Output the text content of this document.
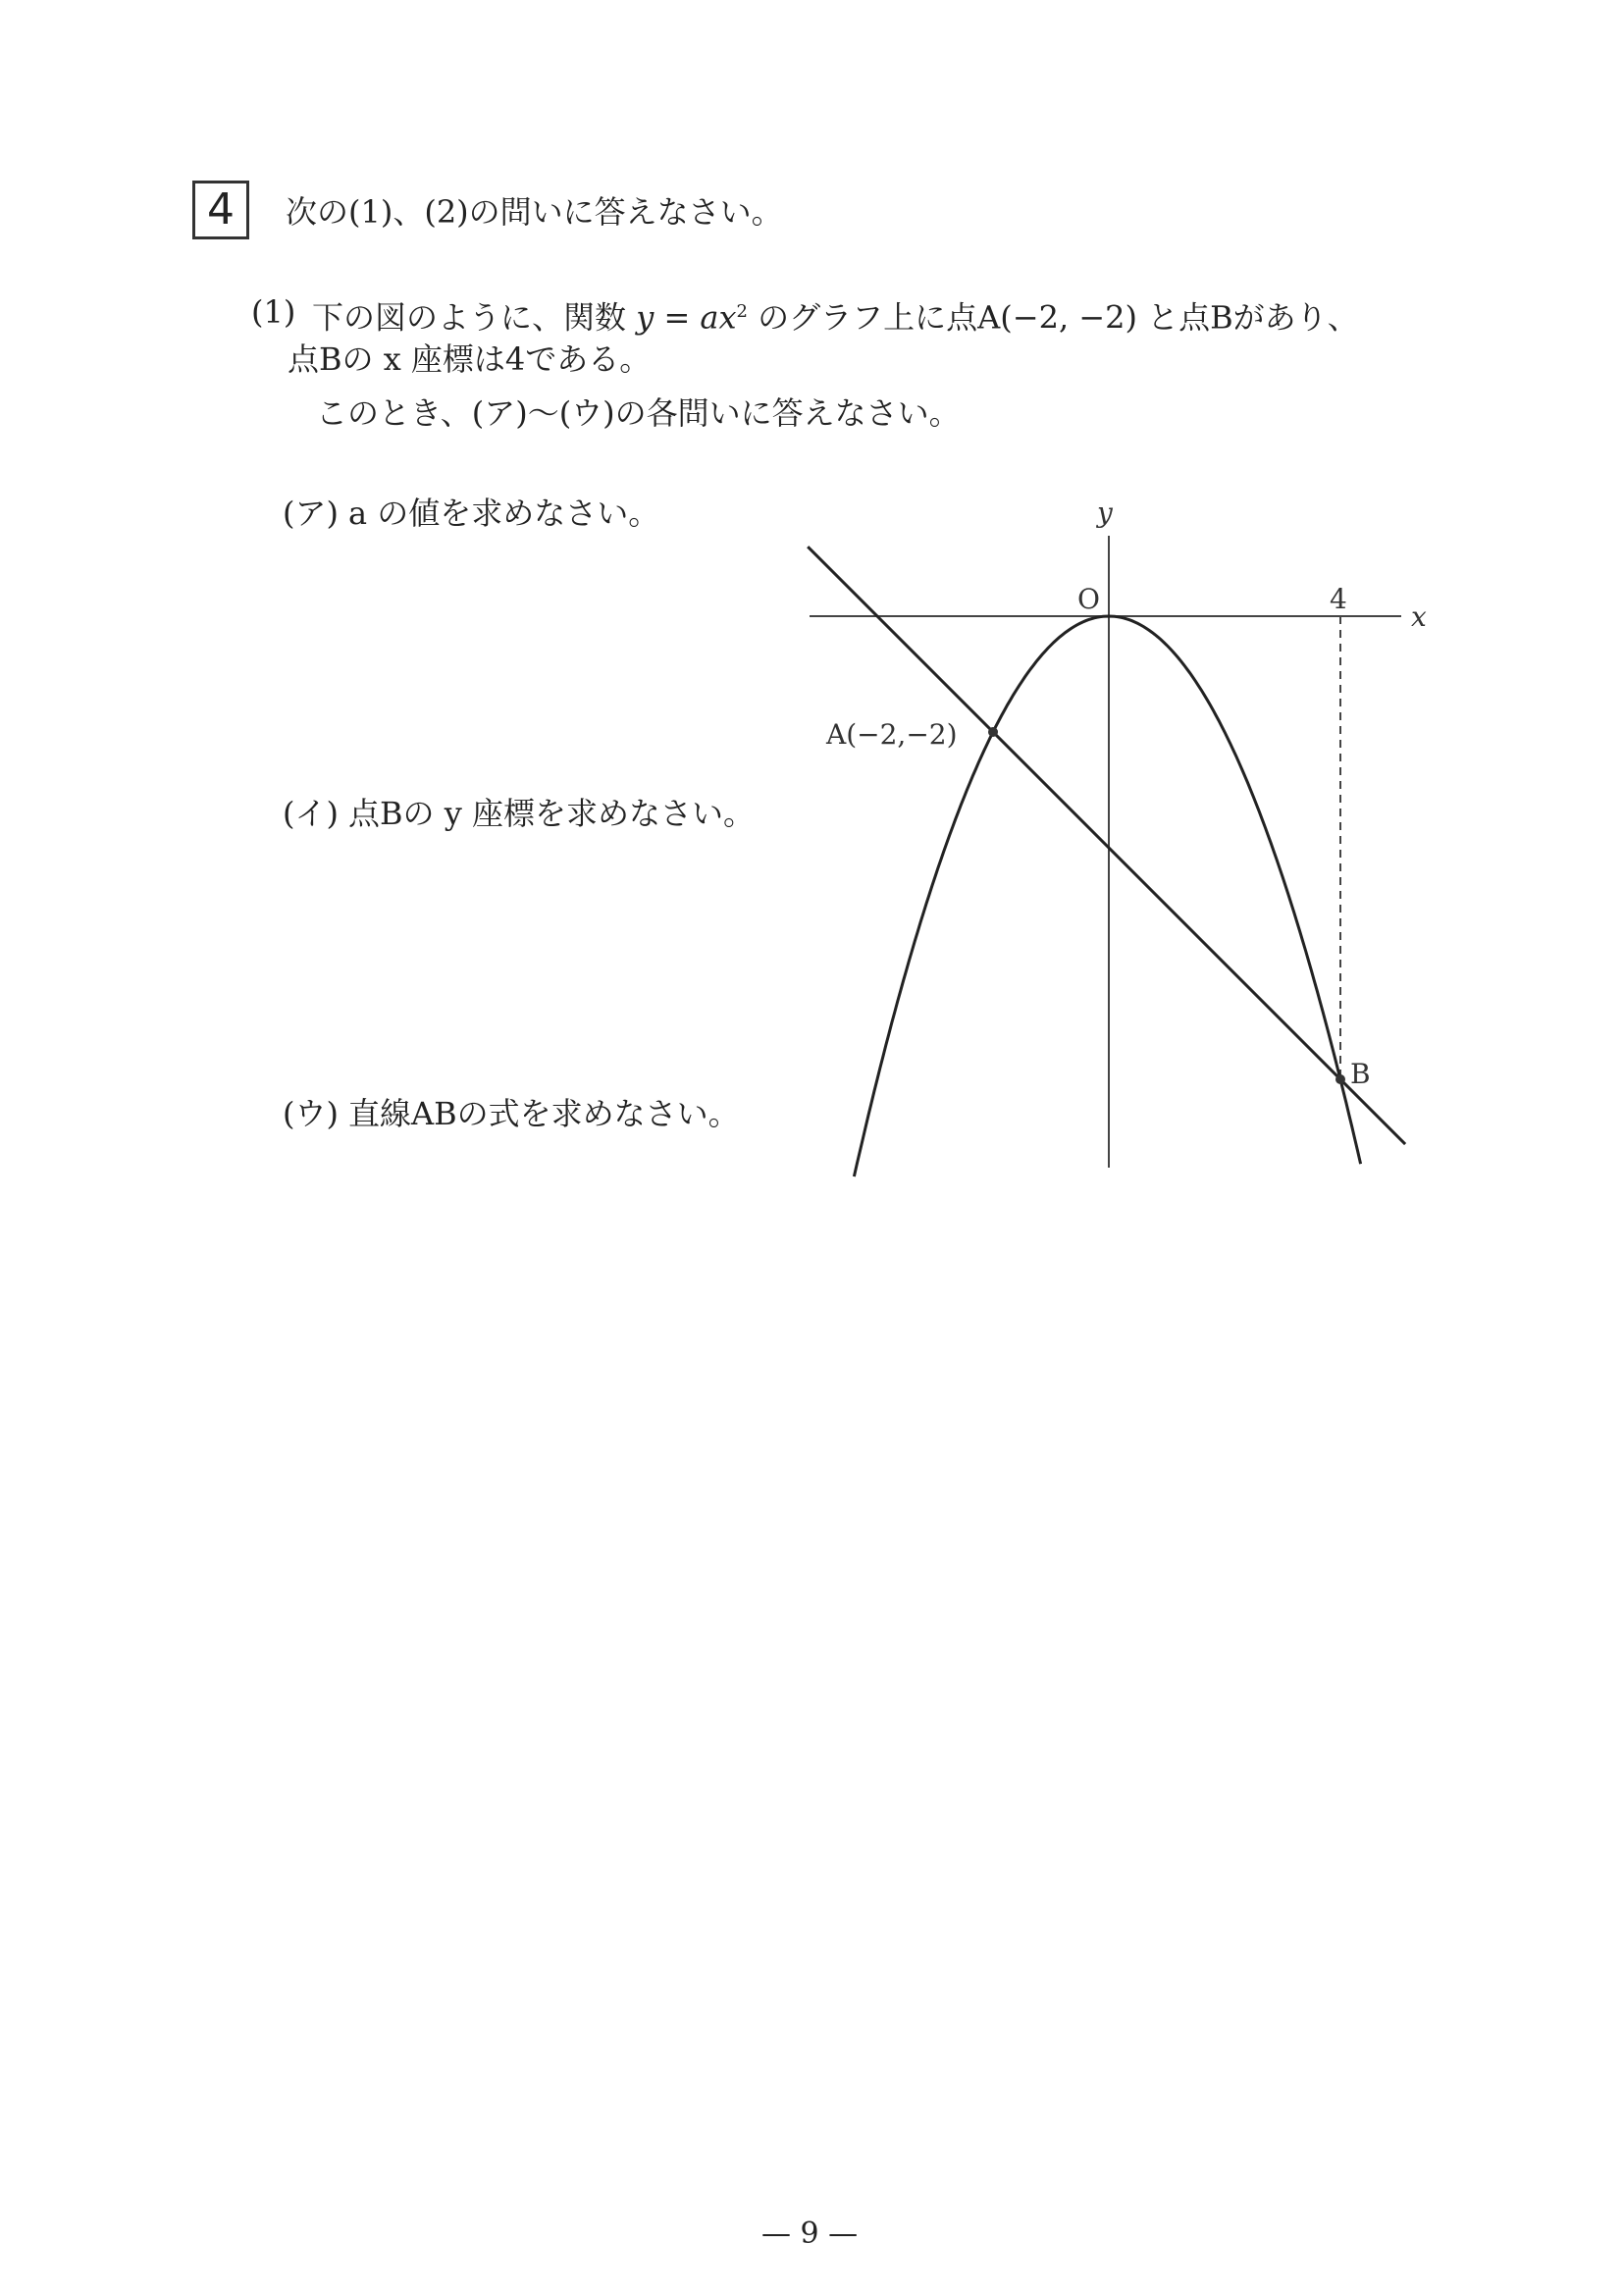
4	次の(1)、(2)の問いに答えなさい。
(1) 下の図のように、関数 $y = ax^2$ のグラフ上に点A(−2, −2) と点Bがあり、
点Bの x 座標は4である。
このとき、(ア)〜(ウ)の各問いに答えなさい。
(ア) a の値を求めなさい。
(イ) 点Bの y 座標を求めなさい。
(ウ) 直線ABの式を求めなさい。
y
x
O	4
A(−2,−2)
B
— 9 —
